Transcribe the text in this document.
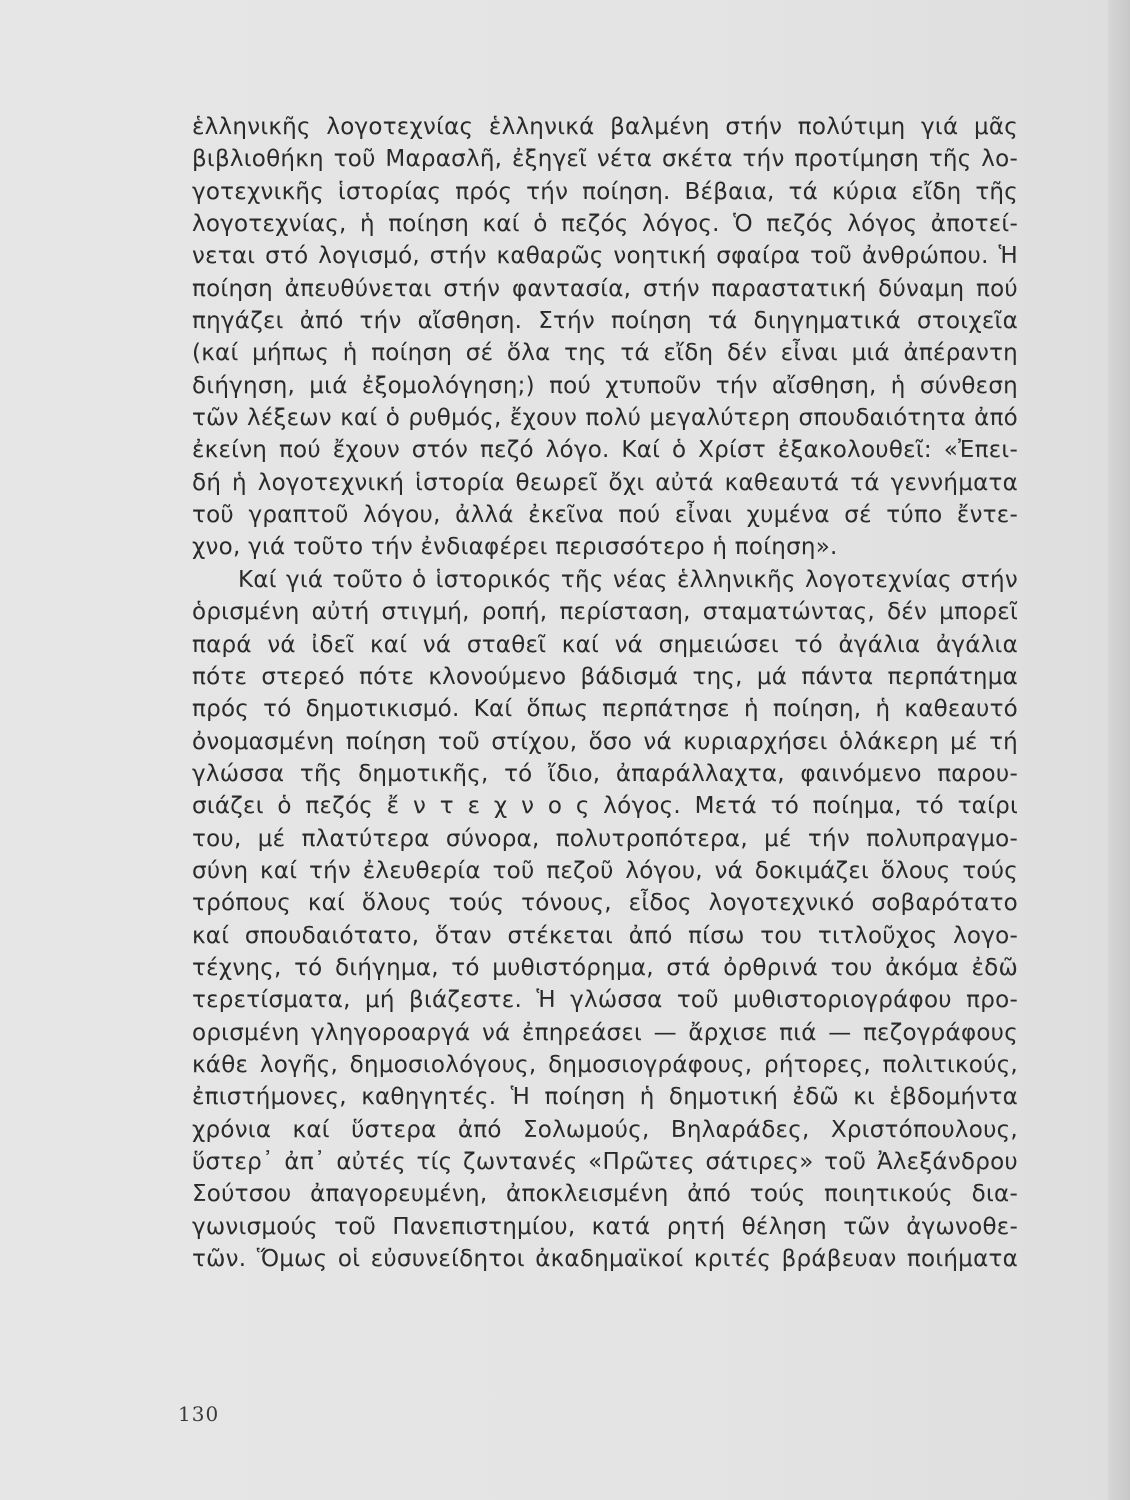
ἑλληνικῆς λογοτεχνίας ἑλληνικά βαλμένη στήν πολύτιμη γιά μᾶς
βιβλιοθήκη τοῦ Μαρασλῆ, ἐξηγεῖ νέτα σκέτα τήν προτίμηση τῆς λο-
γοτεχνικῆς ἱστορίας πρός τήν ποίηση. Βέβαια, τά κύρια εἴδη τῆς
λογοτεχνίας, ἡ ποίηση καί ὁ πεζός λόγος. Ὁ πεζός λόγος ἀποτεί-
νεται στό λογισμό, στήν καθαρῶς νοητική σφαίρα τοῦ ἀνθρώπου. Ἡ
ποίηση ἀπευθύνεται στήν φαντασία, στήν παραστατική δύναμη πού
πηγάζει ἀπό τήν αἴσθηση. Στήν ποίηση τά διηγηματικά στοιχεῖα
(καί μήπως ἡ ποίηση σέ ὅλα της τά εἴδη δέν εἶναι μιά ἀπέραντη
διήγηση, μιά ἐξομολόγηση;) πού χτυποῦν τήν αἴσθηση, ἡ σύνθεση
τῶν λέξεων καί ὁ ρυθμός, ἔχουν πολύ μεγαλύτερη σπουδαιότητα ἀπό
ἐκείνη πού ἔχουν στόν πεζό λόγο. Καί ὁ Χρίστ ἐξακολουθεῖ: «Ἐπει-
δή ἡ λογοτεχνική ἱστορία θεωρεῖ ὄχι αὐτά καθεαυτά τά γεννήματα
τοῦ γραπτοῦ λόγου, ἀλλά ἐκεῖνα πού εἶναι χυμένα σέ τύπο ἔντε-
χνο, γιά τοῦτο τήν ἐνδιαφέρει περισσότερο ἡ ποίηση».
Καί γιά τοῦτο ὁ ἱστορικός τῆς νέας ἑλληνικῆς λογοτεχνίας στήν
ὁρισμένη αὐτή στιγμή, ροπή, περίσταση, σταματώντας, δέν μπορεῖ
παρά νά ἰδεῖ καί νά σταθεῖ καί νά σημειώσει τό ἀγάλια ἀγάλια
πότε στερεό πότε κλονούμενο βάδισμά της, μά πάντα περπάτημα
πρός τό δημοτικισμό. Καί ὅπως περπάτησε ἡ ποίηση, ἡ καθεαυτό
ὀνομασμένη ποίηση τοῦ στίχου, ὅσο νά κυριαρχήσει ὁλάκερη μέ τή
γλώσσα τῆς δημοτικῆς, τό ἴδιο, ἀπαράλλαχτα, φαινόμενο παρου-
σιάζει ὁ πεζός ἔ ν τ ε χ ν ο ς λόγος. Μετά τό ποίημα, τό ταίρι
του, μέ πλατύτερα σύνορα, πολυτροπότερα, μέ τήν πολυπραγμο-
σύνη καί τήν ἐλευθερία τοῦ πεζοῦ λόγου, νά δοκιμάζει ὅλους τούς
τρόπους καί ὅλους τούς τόνους, εἶδος λογοτεχνικό σοβαρότατο
καί σπουδαιότατο, ὅταν στέκεται ἀπό πίσω του τιτλοῦχος λογο-
τέχνης, τό διήγημα, τό μυθιστόρημα, στά ὀρθρινά του ἀκόμα ἐδῶ
τερετίσματα, μή βιάζεστε. Ἡ γλώσσα τοῦ μυθιστοριογράφου προ-
ορισμένη γληγοροαργά νά ἐπηρεάσει — ἄρχισε πιά — πεζογράφους
κάθε λογῆς, δημοσιολόγους, δημοσιογράφους, ρήτορες, πολιτικούς,
ἐπιστήμονες, καθηγητές. Ἡ ποίηση ἡ δημοτική ἐδῶ κι ἑβδομήντα
χρόνια καί ὕστερα ἀπό Σολωμούς, Βηλαράδες, Χριστόπουλους,
ὕστερ᾽ ἀπ᾽ αὐτές τίς ζωντανές «Πρῶτες σάτιρες» τοῦ Ἀλεξάνδρου
Σούτσου ἀπαγορευμένη, ἀποκλεισμένη ἀπό τούς ποιητικούς δια-
γωνισμούς τοῦ Πανεπιστημίου, κατά ρητή θέληση τῶν ἀγωνοθε-
τῶν. Ὅμως οἱ εὐσυνείδητοι ἀκαδημαϊκοί κριτές βράβευαν ποιήματα
130
